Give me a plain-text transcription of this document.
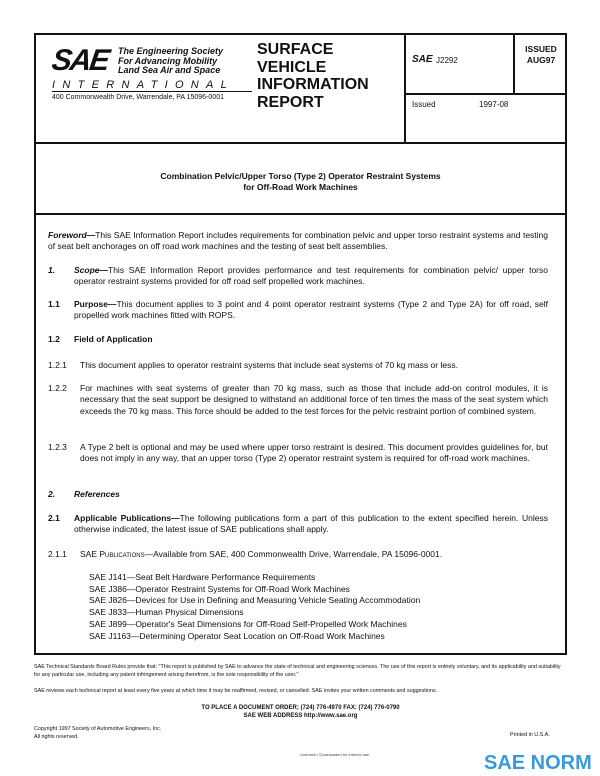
SAE The Engineering Society
For Advancing Mobility
Land Sea Air and Space
INTERNATIONAL
400 Commonwealth Drive, Warrendale, PA 15096-0001
SURFACE
VEHICLE
INFORMATION
REPORT
SAE J2292
ISSUED
AUG97
Issued	1997-08
Combination Pelvic/Upper Torso (Type 2) Operator Restraint Systems
for Off-Road Work Machines
Foreword—This SAE Information Report includes requirements for combination pelvic and upper torso restraint systems and testing of seat belt anchorages on off road work machines and the testing of seat belt assemblies.
1. Scope—This SAE Information Report provides performance and test requirements for combination pelvic/ upper torso operator restraint systems provided for off road self propelled work machines.
1.1 Purpose—This document applies to 3 point and 4 point operator restraint systems (Type 2 and Type 2A) for off road, self propelled work machines fitted with ROPS.
1.2 Field of Application
1.2.1 This document applies to operator restraint systems that include seat systems of 70 kg mass or less.
1.2.2 For machines with seat systems of greater than 70 kg mass, such as those that include add-on control modules, it is necessary that the seat support be designed to withstand an additional force of ten times the mass of the seat system which exceeds the 70 kg mass. This force should be added to the test forces for the pelvic restraint portion of combined system.
1.2.3 A Type 2 belt is optional and may be used where upper torso restraint is desired. This document provides guidelines for, but does not imply in any way, that an upper torso (Type 2) operator restraint system is required for off-road work machines.
2. References
2.1 Applicable Publications—The following publications form a part of this publication to the extent specified herein. Unless otherwise indicated, the latest issue of SAE publications shall apply.
2.1.1 SAE Publications—Available from SAE, 400 Commonwealth Drive, Warrendale, PA 15096-0001.
SAE J141—Seat Belt Hardware Performance Requirements
SAE J386—Operator Restraint Systems for Off-Road Work Machines
SAE J826—Devices for Use in Defining and Measuring Vehicle Seating Accommodation
SAE J833—Human Physical Dimensions
SAE J899—Operator's Seat Dimensions for Off-Road Self-Propelled Work Machines
SAE J1163—Determining Operator Seat Location on Off-Road Work Machines
SAE Technical Standards Board Rules provide that: "This report is published by SAE to advance the state of technical and engineering sciences. The use of this report is entirely voluntary, and its applicability and suitability for any particular use, including any patent infringement arising therefrom, is the sole responsibility of the user."
SAE reviews each technical report at least every five years at which time it may be reaffirmed, revised, or cancelled. SAE invites your written comments and suggestions.
TO PLACE A DOCUMENT ORDER; (724) 776-4970 FAX: (724) 776-0790
SAE WEB ADDRESS http://www.sae.org
Copyright 1997 Society of Automotive Engineers, Inc.
All rights reserved.	Printed in U.S.A.
Licensed / Downloaded for internal use	SAE NORM
